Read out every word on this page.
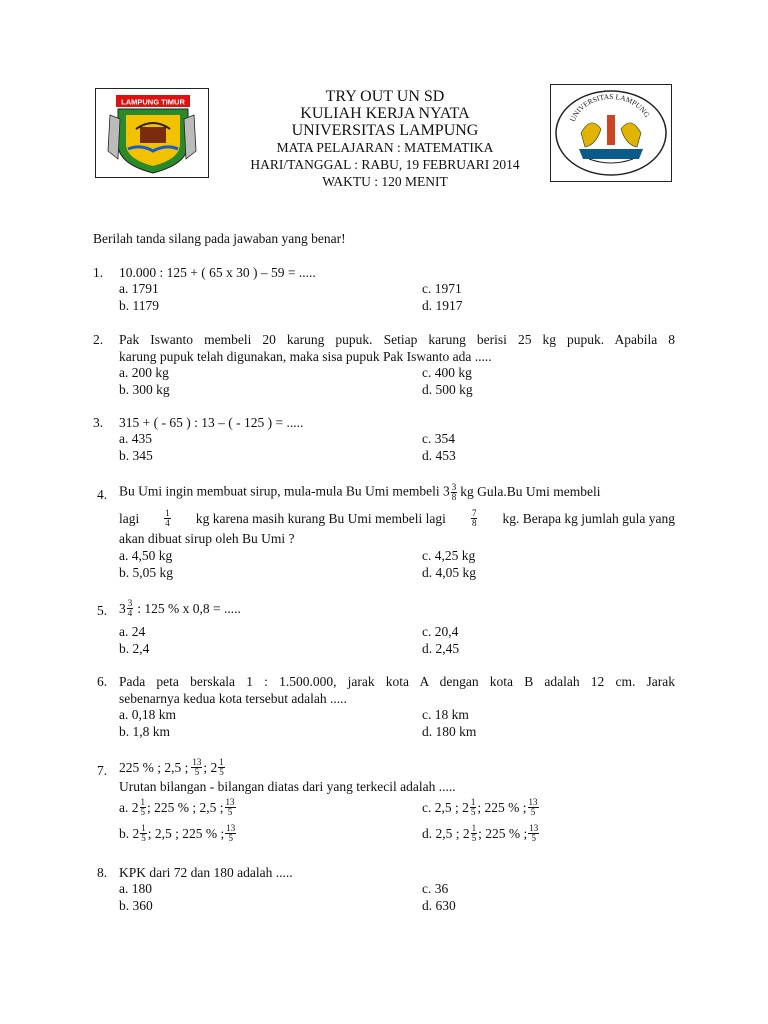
LAMPUNG TIMUR
UNIVERSITAS LAMPUNG
TRY OUT UN SD
KULIAH KERJA NYATA
UNIVERSITAS LAMPUNG
MATA PELAJARAN : MATEMATIKA
HARI/TANGGAL : RABU, 19 FEBRUARI 2014
WAKTU : 120 MENIT
Berilah tanda silang pada jawaban yang benar!
1. 10.000 : 125 + ( 65 x 30 ) – 59 = .....
a. 1791
b. 1179
c. 1971
d. 1917
2. Pak Iswanto membeli 20 karung pupuk. Setiap karung berisi 25 kg pupuk. Apabila 8
karung pupuk telah digunakan, maka sisa pupuk Pak Iswanto ada .....
a. 200 kg
b. 300 kg
c. 400 kg
d. 500 kg
3. 315 + ( - 65 ) : 13 – ( - 125 ) = .....
a. 435
b. 345
c. 354
d. 453
4. Bu Umi ingin membuat sirup, mula-mula Bu Umi membeli $3 \frac{3}{8}$ kg Gula.Bu Umi membeli
lagi	$\frac{1}{4}$ kg karena masih kurang Bu Umi membeli lagi	$\frac{7}{8}$ kg. Berapa kg jumlah gula yang
akan dibuat sirup oleh Bu Umi ?
a. 4,50 kg
b. 5,05 kg
c. 4,25 kg
d. 4,05 kg
5. $3 \frac{3}{4}$ : 125 % x 0,8 = .....
a. 24
b. 2,4
c. 20,4
d. 2,45
6. Pada peta berskala 1 : 1.500.000, jarak kota A dengan kota B adalah 12 cm. Jarak
sebenarnya kedua kota tersebut adalah .....
a. 0,18 km
b. 1,8 km
c. 18 km
d. 180 km
7. 225 % ; 2,5 ; $\frac{13}{5}$ ; $2 \frac{1}{5}$
Urutan bilangan - bilangan diatas dari yang terkecil adalah .....
a. $2 \frac{1}{5}$ ; 225 % ; 2,5 ; $\frac{13}{5}$
b. $2 \frac{1}{5}$ ; 2,5 ; 225 % ; $\frac{13}{5}$
c. 2,5 ; $2 \frac{1}{5}$ ; 225 % ; $\frac{13}{5}$
d. 2,5 ; $2 \frac{1}{5}$ ; 225 % ; $\frac{13}{5}$
8. KPK dari 72 dan 180 adalah .....
a. 180
b. 360
c. 36
d. 630
